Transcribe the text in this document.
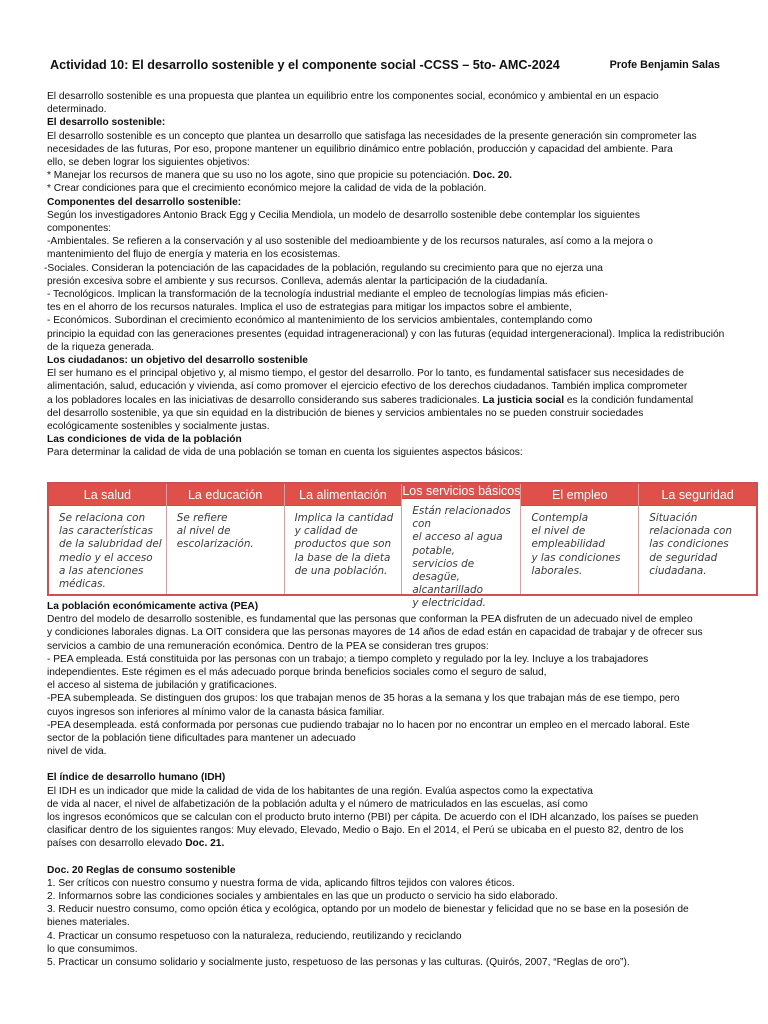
Actividad 10: El desarrollo sostenible y el componente social -CCSS – 5to- AMC-2024	Profe Benjamin Salas

El desarrollo sostenible es una propuesta que plantea un equilibrio entre los componentes social, económico y ambiental en un espacio

determinado.

El desarrollo sostenible:

El desarrollo sostenible es un concepto que plantea un desarrollo que satisfaga las necesidades de la presente generación sin comprometer las

necesidades de las futuras, Por eso, propone mantener un equilibrio dinámico entre población, producción y capacidad del ambiente. Para

ello, se deben lograr los siguientes objetivos:

* Manejar los recursos de manera que su uso no los agote, sino que propicie su potenciación. Doc. 20.

* Crear condiciones para que el crecimiento económico mejore la calidad de vida de la población.

Componentes del desarrollo sostenible:

Según los investigadores Antonio Brack Egg y Cecilia Mendiola, un modelo de desarrollo sostenible debe contemplar los siguientes

componentes:

-Ambientales. Se refieren a la conservación y al uso sostenible del medioambiente y de los recursos naturales, así como a la mejora o

mantenimiento del flujo de energía y materia en los ecosistemas.

-Sociales. Consideran la potenciación de las capacidades de la población, regulando su crecimiento para que no ejerza una

presión excesiva sobre el ambiente y sus recursos. Conlleva, además alentar la participación de la ciudadanía.

- Tecnológicos. Implican la transformación de la tecnología industrial mediante el empleo de tecnologías limpias más eficien-

tes en el ahorro de los recursos naturales. Implica el uso de estrategias para mitigar los impactos sobre el ambiente,

- Económicos. Subordinan el crecimiento económico al mantenimiento de los servicios ambientales, contemplando como

principio la equidad con las generaciones presentes (equidad intrageneracional) y con las futuras (equidad intergeneracional). Implica la redistribución

de la riqueza generada.

Los ciudadanos: un objetivo del desarrollo sostenible

El ser humano es el principal objetivo y, al mismo tiempo, el gestor del desarrollo. Por lo tanto, es fundamental satisfacer sus necesidades de

alimentación, salud, educación y vivienda, así como promover el ejercicio efectivo de los derechos ciudadanos. También implica comprometer

a los pobladores locales en las iniciativas de desarrollo considerando sus saberes tradicionales. La justicia social es la condición fundamental

del desarrollo sostenible, ya que sin equidad en la distribución de bienes y servicios ambientales no se pueden construir sociedades

ecológicamente sostenibles y socialmente justas.

Las condiciones de vida de la población

Para determinar la calidad de vida de una población se toman en cuenta los siguientes aspectos básicos:

La salud
Se relaciona con
las características
de la salubridad del
medio y el acceso
a las atenciones
médicas.
La educación
Se refiere
al nivel de
escolarización.
La alimentación
Implica la cantidad
y calidad de
productos que son
la base de la dieta
de una población.
Los servicios básicos
Están relacionados con
el acceso al agua potable,
servicios de desagüe,
alcantarillado
y electricidad.
El empleo
Contempla
el nivel de
empleabilidad
y las condiciones
laborales.
La seguridad
Situación
relacionada con
las condiciones
de seguridad
ciudadana.

La población económicamente activa (PEA)

Dentro del modelo de desarrollo sostenible, es fundamental que las personas que conforman la PEA disfruten de un adecuado nivel de empleo

y condiciones laborales dignas. La OIT considera que las personas mayores de 14 años de edad están en capacidad de trabajar y de ofrecer sus

servicios a cambio de una remuneración económica. Dentro de la PEA se consideran tres grupos:

- PEA empleada. Está constituida por las personas con un trabajo; a tiempo completo y regulado por la ley. Incluye a los trabajadores

independientes. Este régimen es el más adecuado porque brinda beneficios sociales como el seguro de salud,

el acceso al sistema de jubilación y gratificaciones.

-PEA subempleada. Se distinguen dos grupos: los que trabajan menos de 35 horas a la semana y los que trabajan más de ese tiempo, pero

cuyos ingresos son inferiores al mínimo valor de la canasta básica familiar.

-PEA desempleada. está conformada por personas cue pudiendo trabajar no lo hacen por no encontrar un empleo en el mercado laboral. Este

sector de la población tiene dificultades para mantener un adecuado

nivel de vida.

El índice de desarrollo humano (IDH)

El IDH es un indicador que mide la calidad de vida de los habitantes de una región. Evalúa aspectos como la expectativa

de vida al nacer, el nivel de alfabetización de la población adulta y el número de matriculados en las escuelas, así como

los ingresos económicos que se calculan con el producto bruto interno (PBI) per cápita. De acuerdo con el IDH alcanzado, los países se pueden

clasificar dentro de los siguientes rangos: Muy elevado, Elevado, Medio o Bajo. En el 2014, el Perú se ubicaba en el puesto 82, dentro de los

países con desarrollo elevado Doc. 21.

Doc. 20 Reglas de consumo sostenible

1. Ser críticos con nuestro consumo y nuestra forma de vida, aplicando filtros tejidos con valores éticos.

2. Informarnos sobre las condiciones sociales y ambientales en las que un producto o servicio ha sido elaborado.

3. Reducir nuestro consumo, como opción ética y ecológica, optando por un modelo de bienestar y felicidad que no se base en la posesión de

bienes materiales.

4. Practicar un consumo respetuoso con la naturaleza, reduciendo, reutilizando y reciclando

lo que consumimos.

5. Practicar un consumo solidario y socialmente justo, respetuoso de las personas y las culturas. (Quirós, 2007, “Reglas de oro”).
